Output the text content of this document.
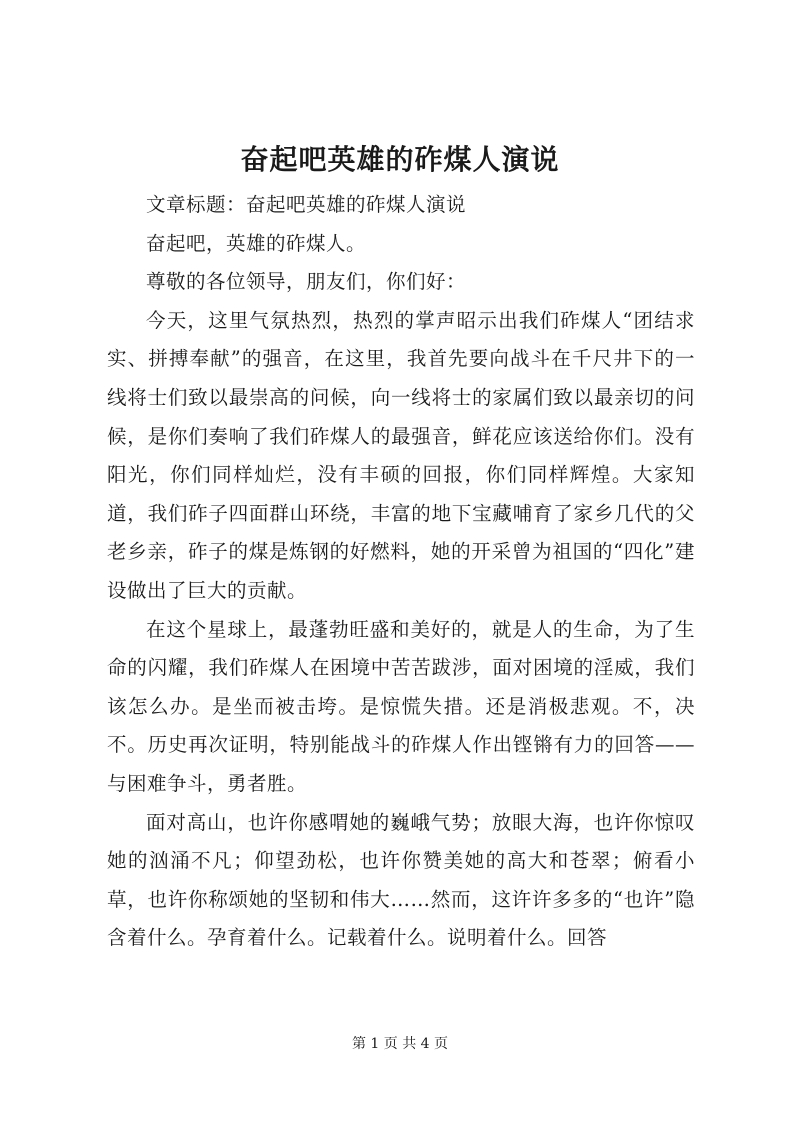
奋起吧英雄的砟煤人演说

文章标题：奋起吧英雄的砟煤人演说

奋起吧，英雄的砟煤人。

尊敬的各位领导，朋友们，你们好：

今天，这里气氛热烈，热烈的掌声昭示出我们砟煤人“团结求实、拼搏奉献”的强音，在这里，我首先要向战斗在千尺井下的一线将士们致以最崇高的问候，向一线将士的家属们致以最亲切的问候，是你们奏响了我们砟煤人的最强音，鲜花应该送给你们。没有阳光，你们同样灿烂，没有丰硕的回报，你们同样辉煌。大家知道，我们砟子四面群山环绕，丰富的地下宝藏哺育了家乡几代的父老乡亲，砟子的煤是炼钢的好燃料，她的开采曾为祖国的“四化”建设做出了巨大的贡献。

在这个星球上，最蓬勃旺盛和美好的，就是人的生命，为了生命的闪耀，我们砟煤人在困境中苦苦跋涉，面对困境的淫威，我们该怎么办。是坐而被击垮。是惊慌失措。还是消极悲观。不，决不。历史再次证明，特别能战斗的砟煤人作出铿锵有力的回答——与困难争斗，勇者胜。

面对高山，也许你感喟她的巍峨气势；放眼大海，也许你惊叹她的汹涌不凡；仰望劲松，也许你赞美她的高大和苍翠；俯看小草，也许你称颂她的坚韧和伟大……然而，这许许多多的“也许”隐含着什么。孕育着什么。记载着什么。说明着什么。回答

第 1 页 共 4 页
